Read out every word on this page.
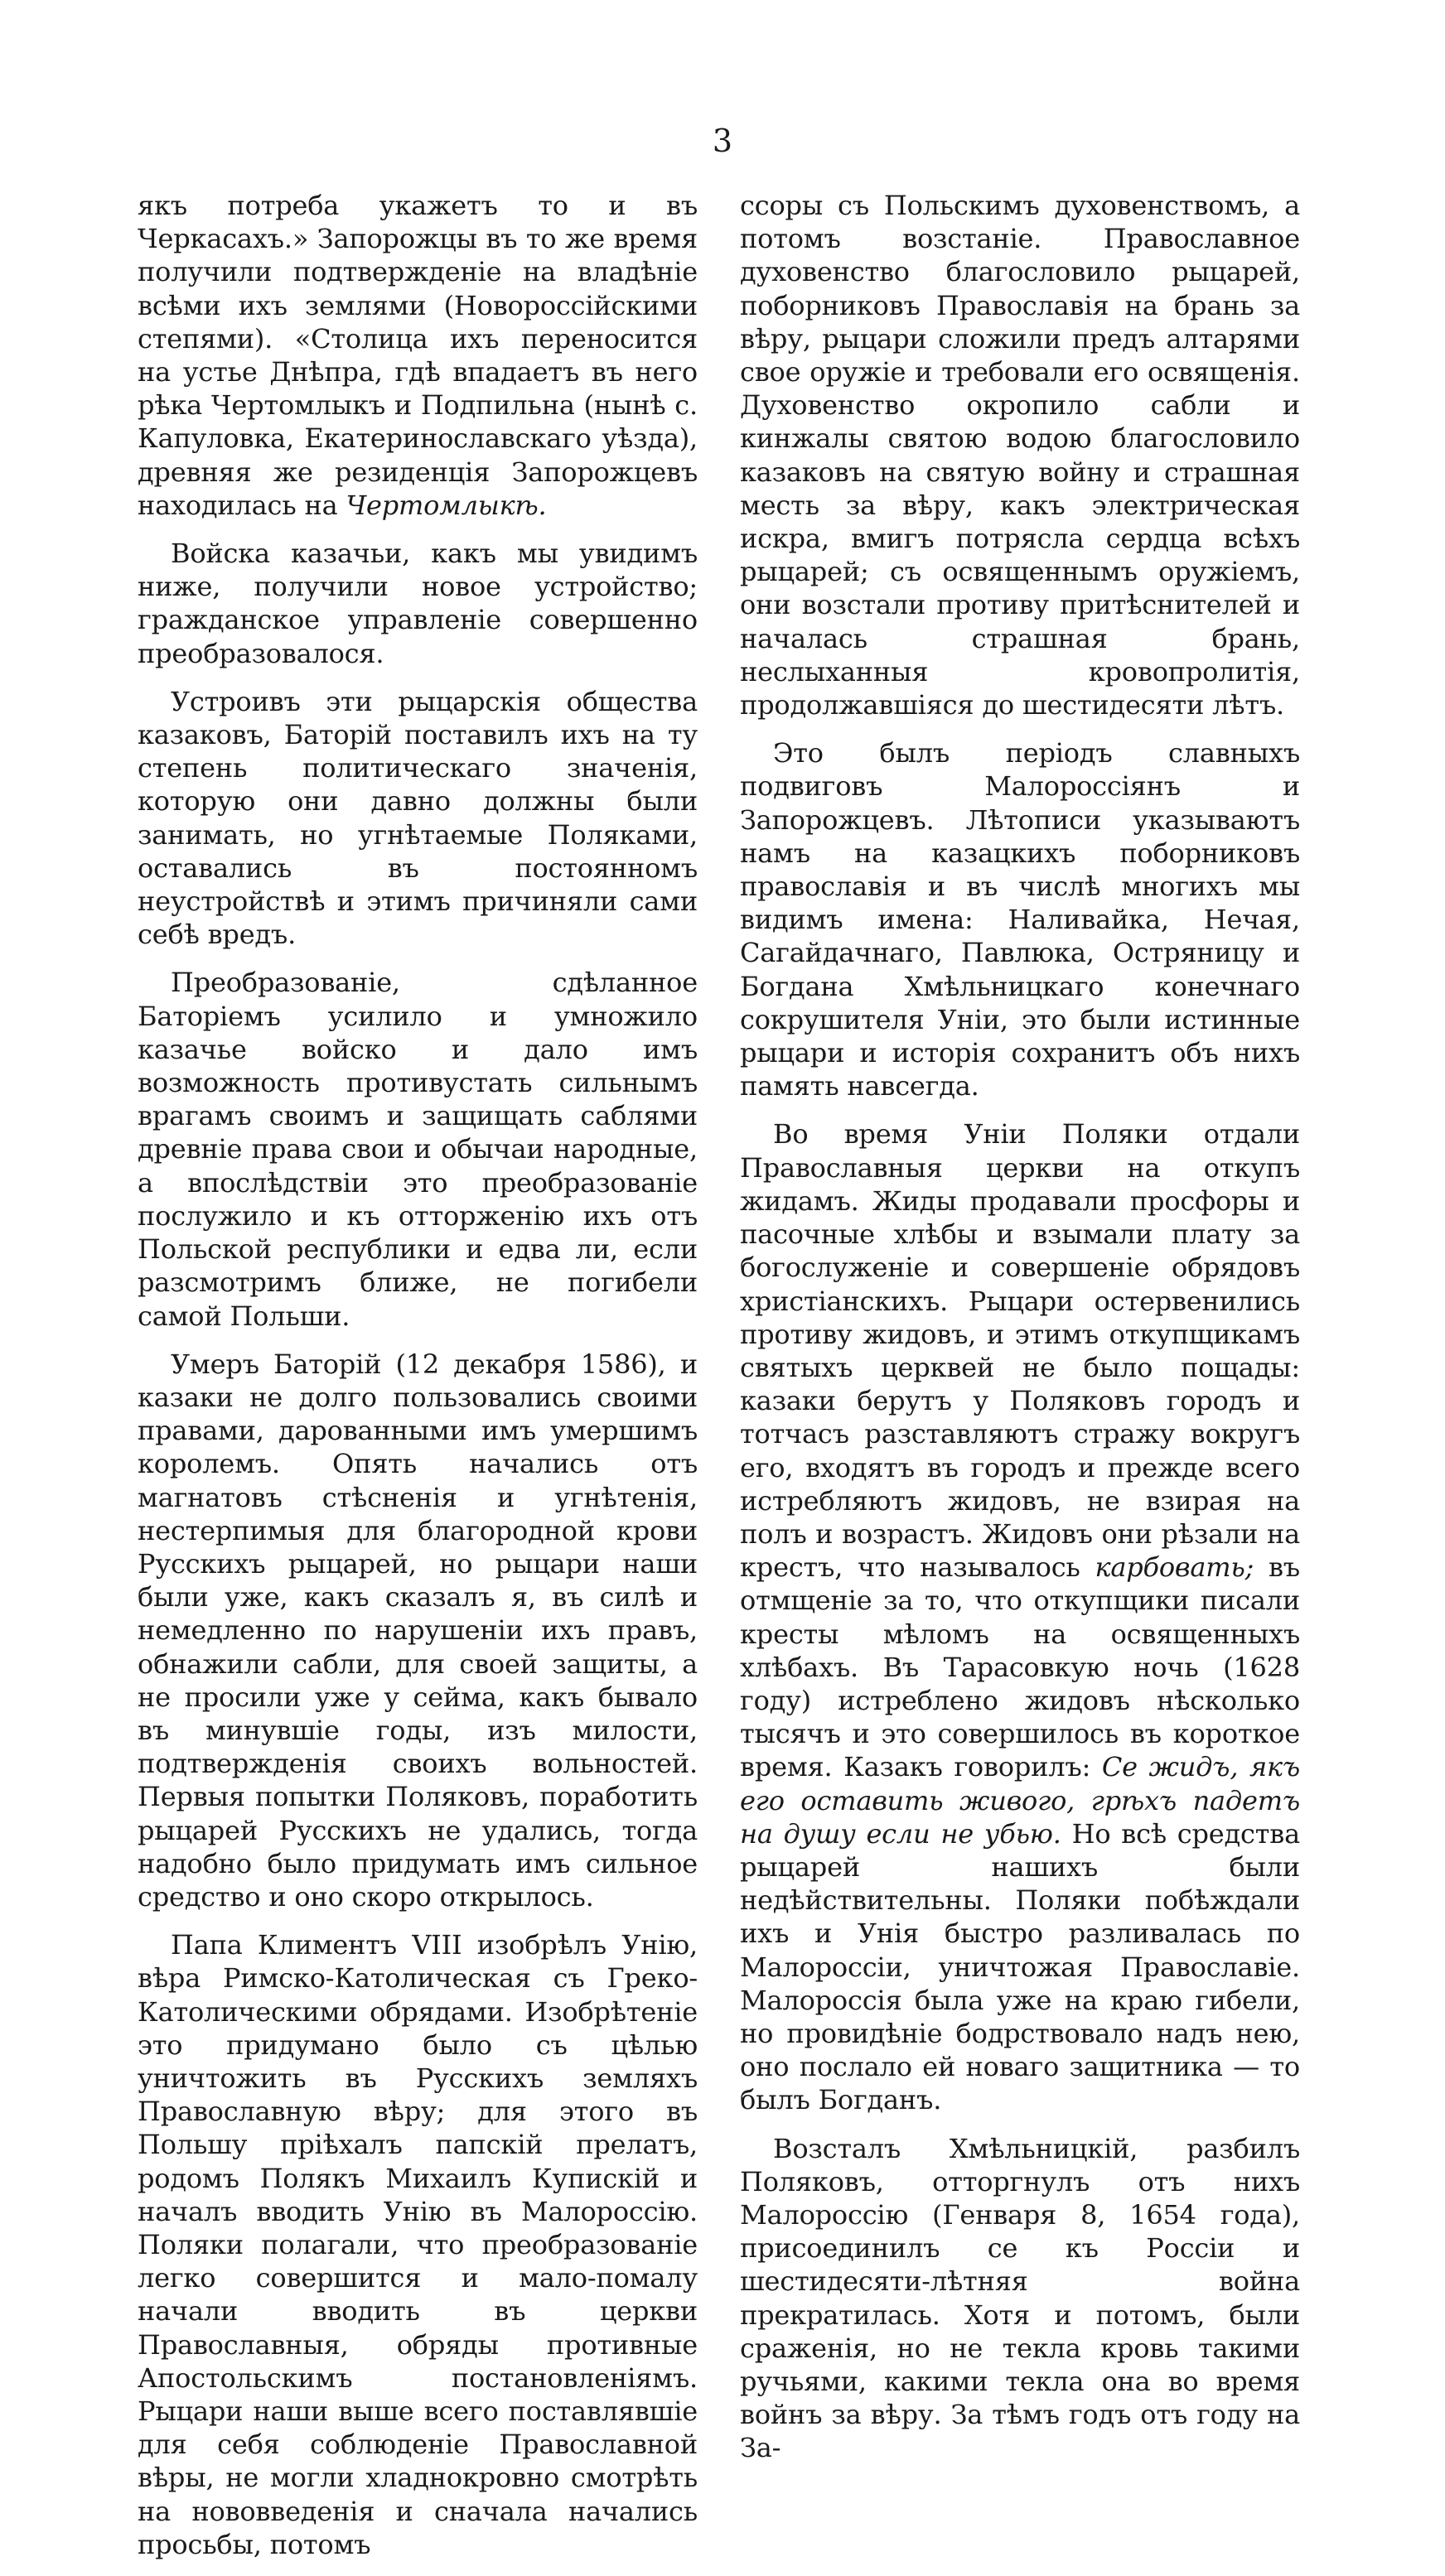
3

якъ потреба укажетъ то и въ Черкасахъ.» Запорожцы въ то же время получили подтвержденіе на владѣніе всѣми ихъ землями (Новороссійскими степями). «Столица ихъ переносится на устье Днѣпра, гдѣ впадаетъ въ него рѣка Чертомлыкъ и Подпильна (нынѣ с. Капуловка, Екатеринославскаго уѣзда), древняя же резиденція Запорожцевъ находилась на Чертомлыкѣ.

Войска казачьи, какъ мы увидимъ ниже, получили новое устройство; гражданское управленіе совершенно преобразовалося.

Устроивъ эти рыцарскія общества казаковъ, Баторій поставилъ ихъ на ту степень политическаго значенія, которую они давно должны были занимать, но угнѣтаемые Поляками, оставались въ постоянномъ неустройствѣ и этимъ причиняли сами себѣ вредъ.

Преобразованіе, сдѣланное Баторіемъ усилило и умножило казачье войско и дало имъ возможность противустать сильнымъ врагамъ своимъ и защищать саблями древніе права свои и обычаи народные, а впослѣдствіи это преобразованіе послужило и къ отторженію ихъ отъ Польской республики и едва ли, если разсмотримъ ближе, не погибели самой Польши.

Умеръ Баторій (12 декабря 1586), и казаки не долго пользовались своими правами, дарованными имъ умершимъ королемъ. Опять начались отъ магнатовъ стѣсненія и угнѣтенія, нестерпимыя для благородной крови Русскихъ рыцарей, но рыцари наши были уже, какъ сказалъ я, въ силѣ и немедленно по нарушеніи ихъ правъ, обнажили сабли, для своей защиты, а не просили уже у сейма, какъ бывало въ минувшіе годы, изъ милости, подтвержденія своихъ вольностей. Первыя попытки Поляковъ, поработить рыцарей Русскихъ не удались, тогда надобно было придумать имъ сильное средство и оно скоро открылось.

Папа Климентъ VIII изобрѣлъ Унію, вѣра Римско-Католическая съ Греко-Католическими обрядами. Изобрѣтеніе это придумано было съ цѣлью уничтожить въ Русскихъ земляхъ Православную вѣру; для этого въ Польшу пріѣхалъ папскій прелатъ, родомъ Полякъ Михаилъ Купискій и началъ вводить Унію въ Малороссію. Поляки полагали, что преобразованіе легко совершится и мало-помалу начали вводить въ церкви Православныя, обряды противные Апостольскимъ постановленіямъ. Рыцари наши выше всего поставлявшіе для себя соблюденіе Православной вѣры, не могли хладнокровно смотрѣть на нововведенія и сначала начались просьбы, потомъ

ссоры съ Польскимъ духовенствомъ, а потомъ возстаніе. Православное духовенство благословило рыцарей, поборниковъ Православія на брань за вѣру, рыцари сложили предъ алтарями свое оружіе и требовали его освященія. Духовенство окропило сабли и кинжалы святою водою благословило казаковъ на святую войну и страшная месть за вѣру, какъ электрическая искра, вмигъ потрясла сердца всѣхъ рыцарей; съ освященнымъ оружіемъ, они возстали противу притѣснителей и началась страшная брань, неслыханныя кровопролитія, продолжавшіяся до шестидесяти лѣтъ.

Это былъ періодъ славныхъ подвиговъ Малороссіянъ и Запорожцевъ. Лѣтописи указываютъ намъ на казацкихъ поборниковъ православія и въ числѣ многихъ мы видимъ имена: Наливайка, Нечая, Сагайдачнаго, Павлюка, Остряницу и Богдана Хмѣльницкаго конечнаго сокрушителя Уніи, это были истинные рыцари и исторія сохранитъ объ нихъ память навсегда.

Во время Уніи Поляки отдали Православныя церкви на откупъ жидамъ. Жиды продавали просфоры и пасочные хлѣбы и взымали плату за богослуженіе и совершеніе обрядовъ христіанскихъ. Рыцари остервенились противу жидовъ, и этимъ откупщикамъ святыхъ церквей не было пощады: казаки берутъ у Поляковъ городъ и тотчасъ разставляютъ стражу вокругъ его, входятъ въ городъ и прежде всего истребляютъ жидовъ, не взирая на полъ и возрастъ. Жидовъ они рѣзали на крестъ, что называлось карбовать; въ отмщеніе за то, что откупщики писали кресты мѣломъ на освященныхъ хлѣбахъ. Въ Тарасовкую ночь (1628 году) истреблено жидовъ нѣсколько тысячъ и это совершилось въ короткое время. Казакъ говорилъ: Се жидъ, якъ его оставить живого, грѣхъ падетъ на душу если не убью. Но всѣ средства рыцарей нашихъ были недѣйствительны. Поляки побѣждали ихъ и Унія быстро разливалась по Малороссіи, уничтожая Православіе. Малороссія была уже на краю гибели, но провидѣніе бодрствовало надъ нею, оно послало ей новаго защитника — то былъ Богданъ.

Возсталъ Хмѣльницкій, разбилъ Поляковъ, отторгнулъ отъ нихъ Малороссію (Генваря 8, 1654 года), присоединилъ се къ Россіи и шестидесяти-лѣтняя война прекратилась. Хотя и потомъ, были сраженія, но не текла кровь такими ручьями, какими текла она во время войнъ за вѣру. За тѣмъ годъ отъ году на За-
